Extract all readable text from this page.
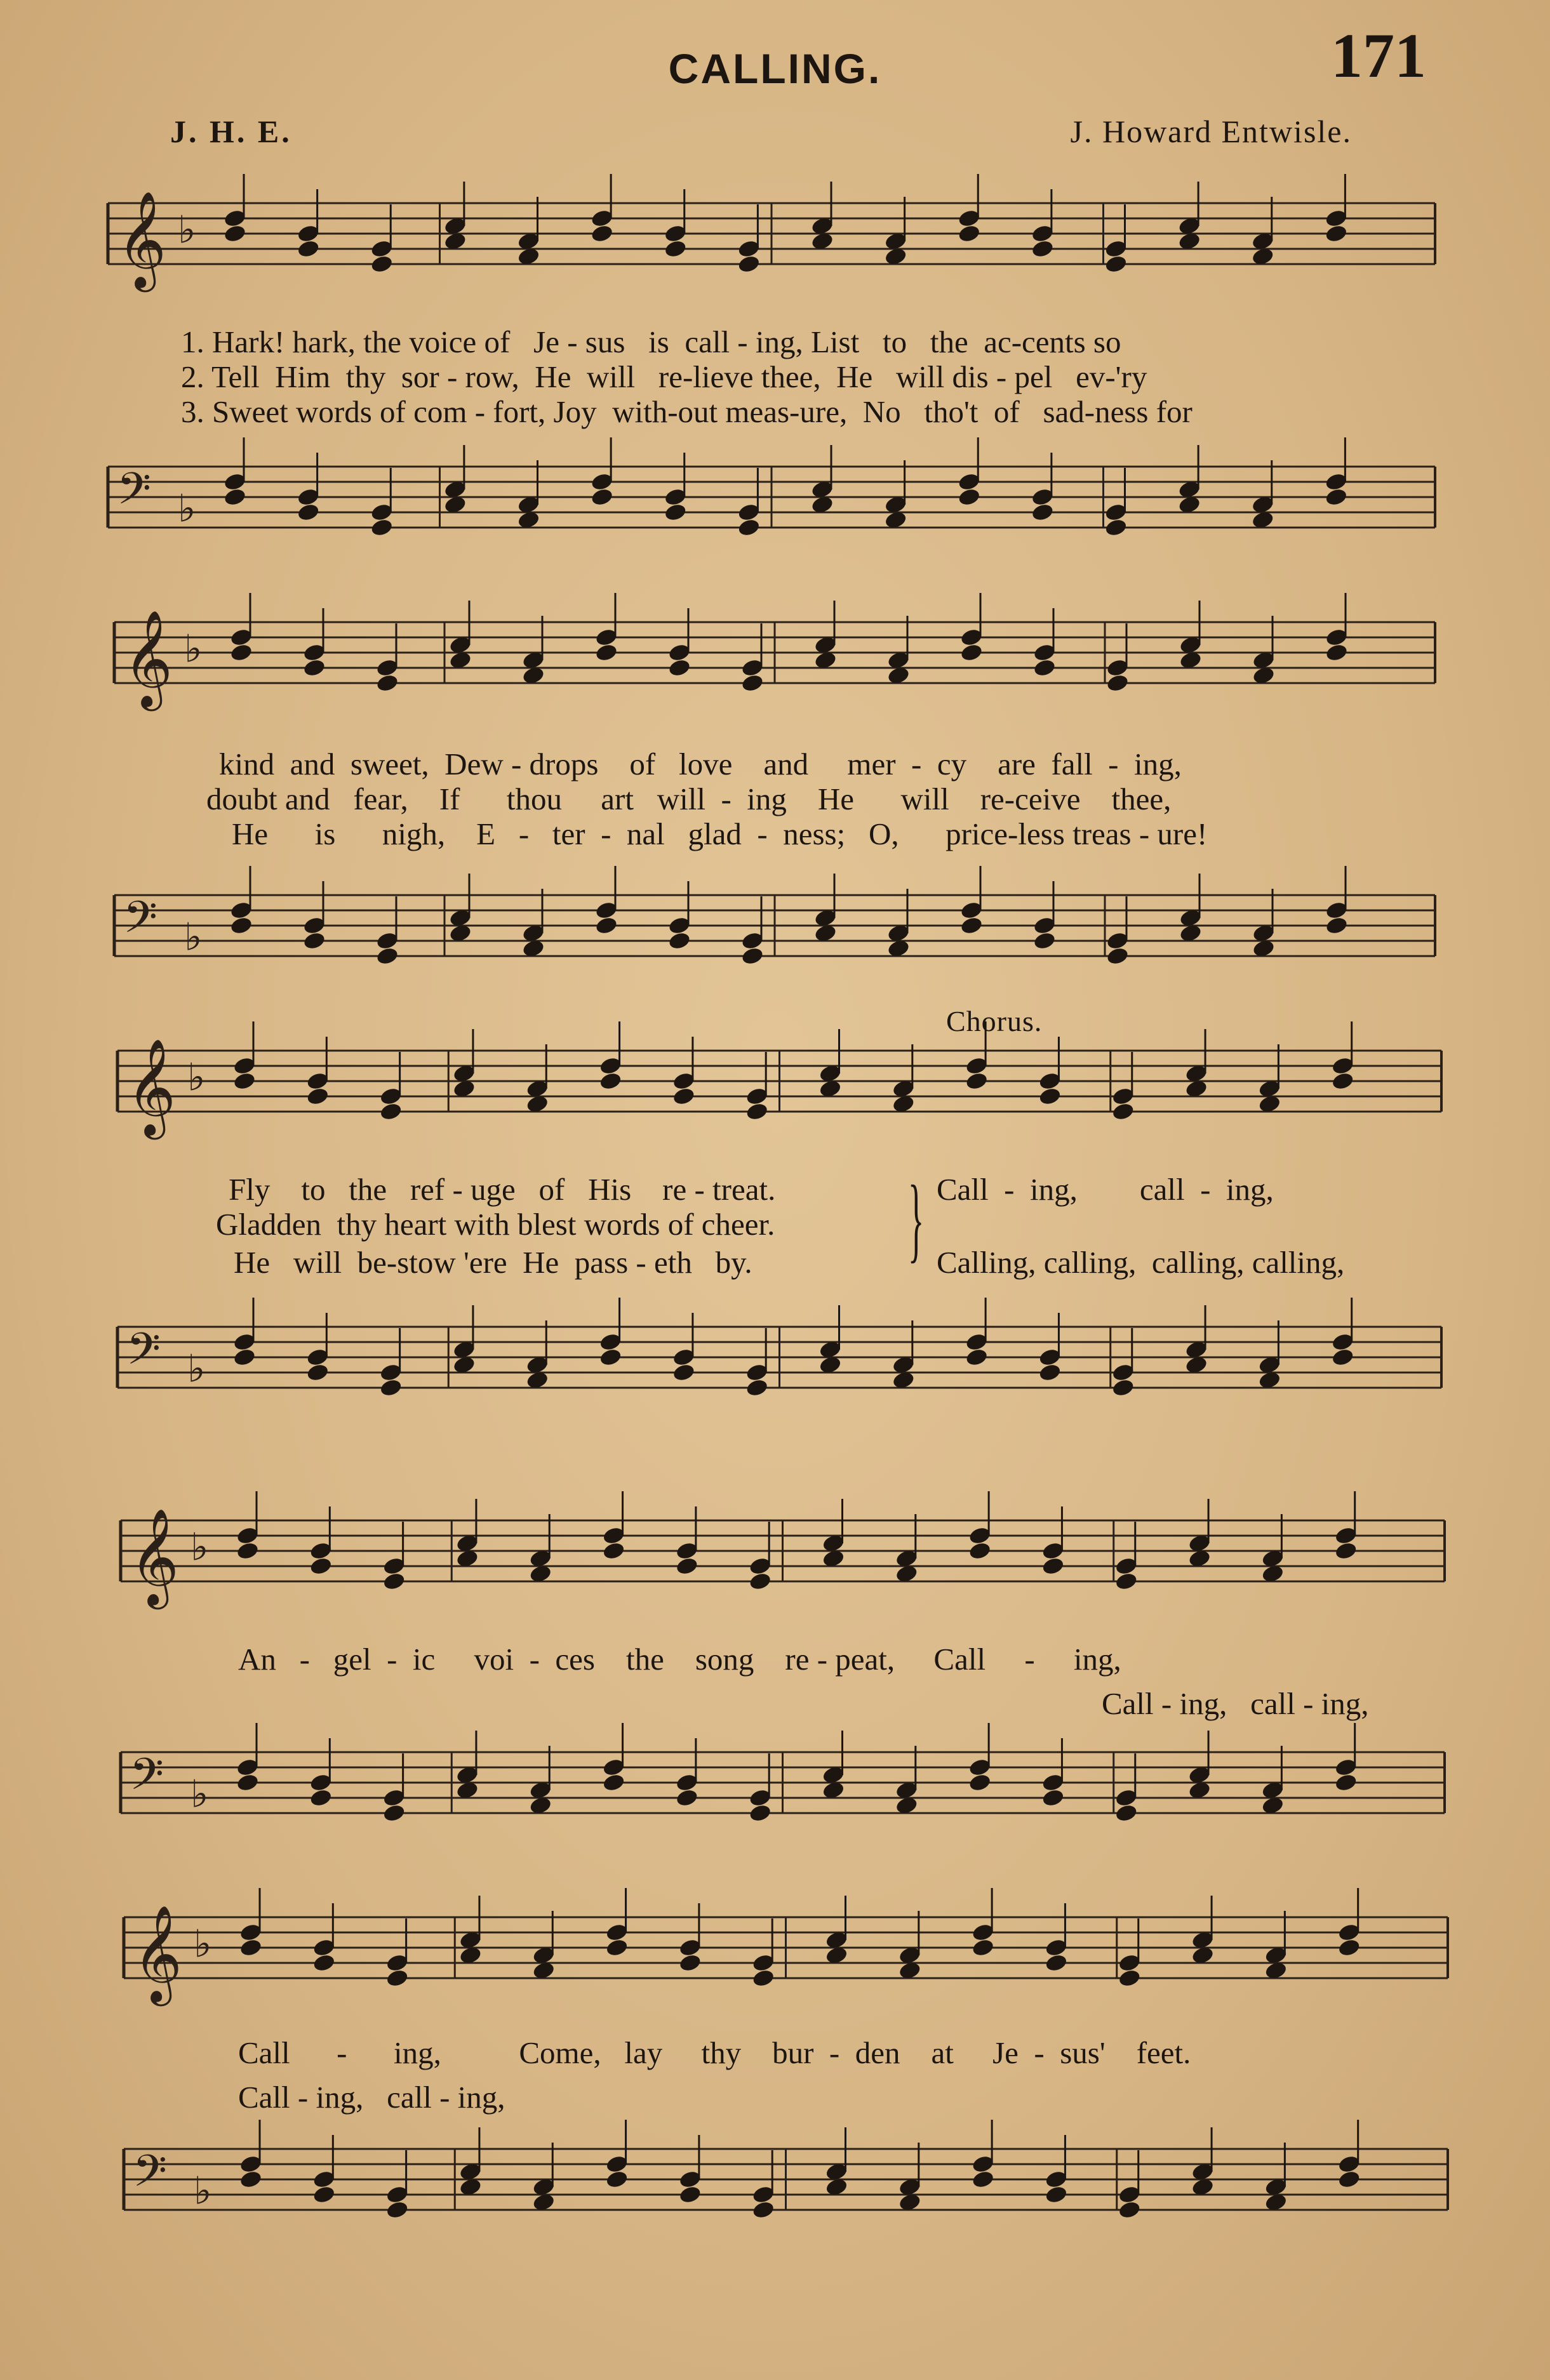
CALLING.	171
J. H. E.	J. Howard Entwisle.
𝄞 ♭
1. Hark! hark, the voice of   Je - sus   is  call - ing, List   to   the  ac-cents so
2. Tell  Him  thy  sor - row,  He  will   re-lieve thee,  He   will dis - pel   ev-'ry
3. Sweet words of com - fort, Joy  with-out meas-ure,  No   tho't  of   sad-ness for
𝄢 ♭
𝄞 ♭
kind  and  sweet,  Dew - drops    of   love    and     mer  -  cy    are  fall  -  ing,
doubt and   fear,    If      thou     art   will  -  ing    He      will    re-ceive    thee,
He      is      nigh,    E   -   ter  -  nal   glad  -  ness;   O,      price-less treas - ure!
𝄢 ♭
Chorus.
𝄞 ♭
Fly    to   the   ref - uge   of   His    re - treat.
Gladden  thy heart with blest words of cheer.
He   will  be-stow 'ere  He  pass - eth   by. } Call  -  ing,        call  -  ing,
Calling, calling,  calling, calling,
𝄢 ♭
𝄞 ♭
An   -   gel  -  ic     voi  -  ces    the    song    re - peat,     Call     -     ing,
Call - ing,   call - ing,
𝄢 ♭
𝄞 ♭
Call      -      ing,          Come,   lay     thy    bur  -  den    at     Je  -  sus'    feet.
Call - ing,   call - ing,
𝄢 ♭
